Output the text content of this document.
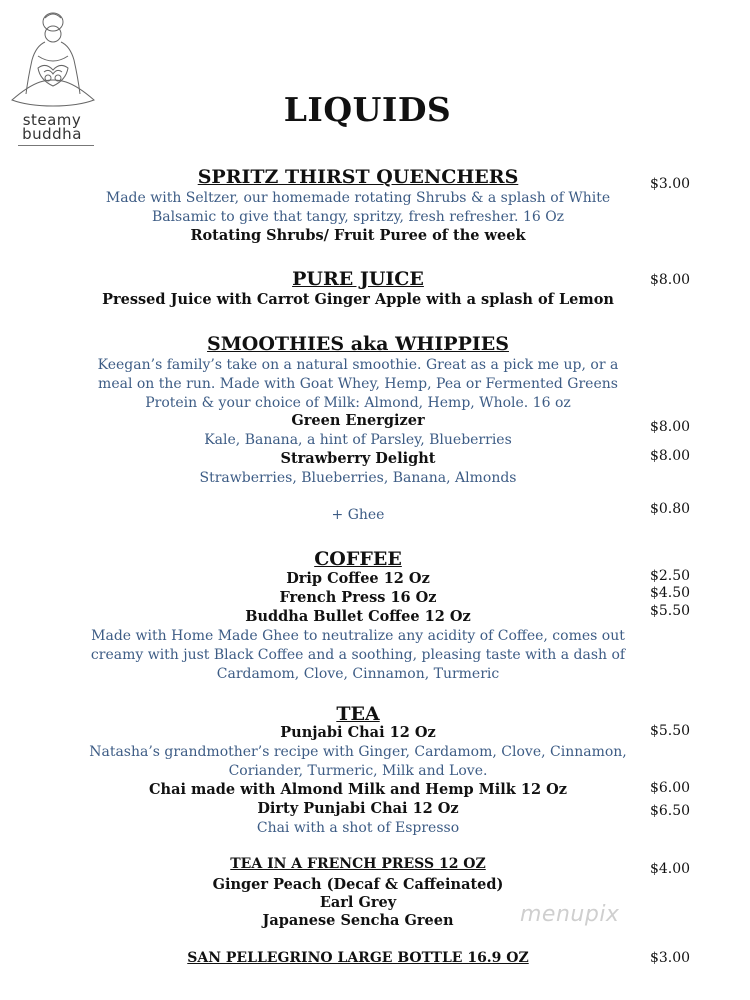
steamy
buddha
LIQUIDS
SPRITZ THIRST QUENCHERS	$3.00
Made with Seltzer, our homemade rotating Shrubs & a splash of White
Balsamic to give that tangy, spritzy, fresh refresher. 16 Oz
Rotating Shrubs/ Fruit Puree of the week
PURE JUICE	$8.00
Pressed Juice with Carrot Ginger Apple with a splash of Lemon
SMOOTHIES aka WHIPPIES
Keegan’s family’s take on a natural smoothie. Great as a pick me up, or a
meal on the run. Made with Goat Whey, Hemp, Pea or Fermented Greens
Protein & your choice of Milk: Almond, Hemp, Whole. 16 oz
Green Energizer	$8.00
Kale, Banana, a hint of Parsley, Blueberries
Strawberry Delight	$8.00
Strawberries, Blueberries, Banana, Almonds
+ Ghee	$0.80
COFFEE
Drip Coffee 12 Oz	$2.50
French Press 16 Oz	$4.50
Buddha Bullet Coffee 12 Oz	$5.50
Made with Home Made Ghee to neutralize any acidity of Coffee, comes out
creamy with just Black Coffee and a soothing, pleasing taste with a dash of
Cardamom, Clove, Cinnamon, Turmeric
TEA
Punjabi Chai 12 Oz	$5.50
Natasha’s grandmother’s recipe with Ginger, Cardamom, Clove, Cinnamon,
Coriander, Turmeric, Milk and Love.
Chai made with Almond Milk and Hemp Milk 12 Oz	$6.00
Dirty Punjabi Chai 12 Oz	$6.50
Chai with a shot of Espresso
TEA IN A FRENCH PRESS 12 OZ	$4.00
Ginger Peach (Decaf & Caffeinated)
Earl Grey
Japanese Sencha Green	menupix
SAN PELLEGRINO LARGE BOTTLE 16.9 OZ	$3.00
